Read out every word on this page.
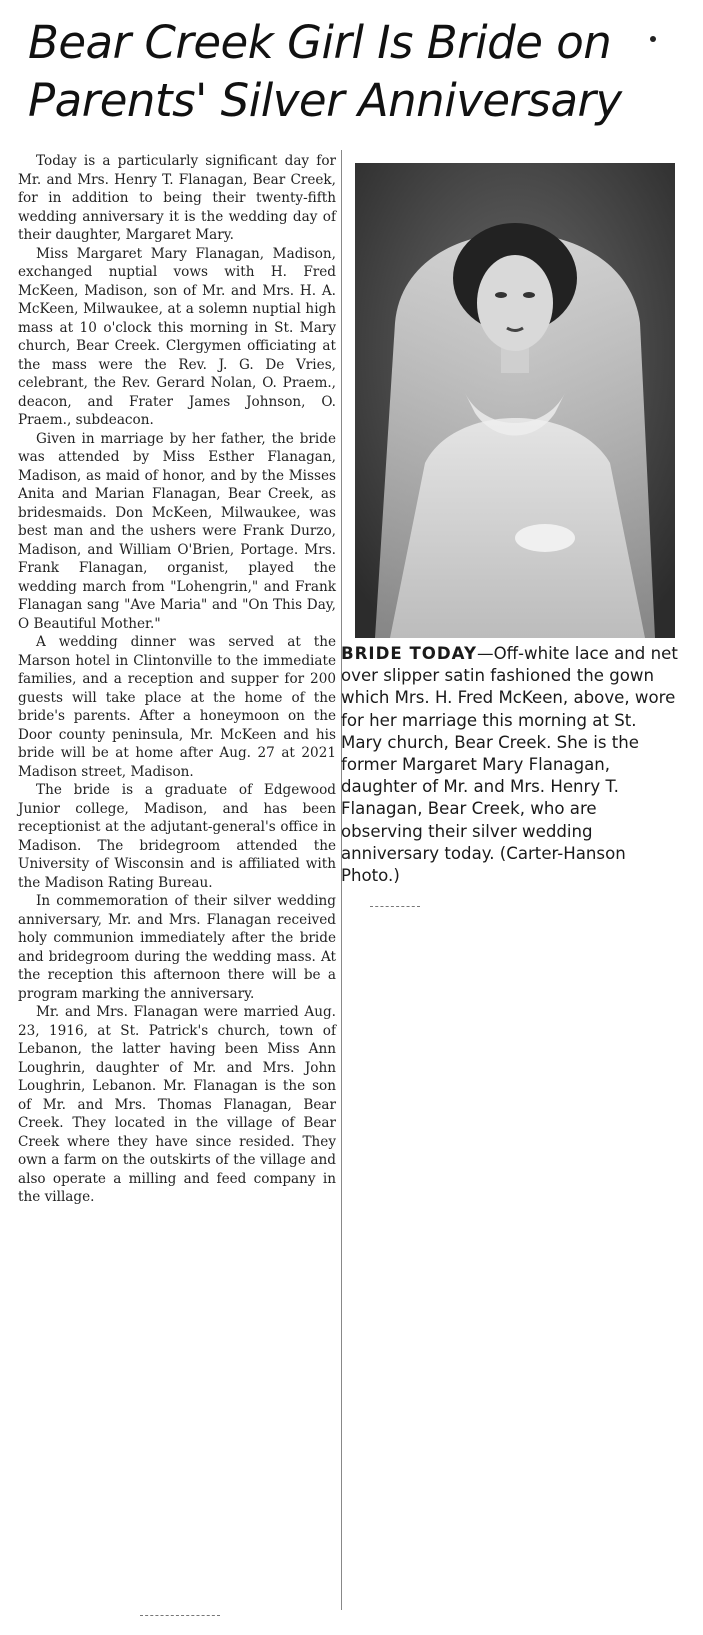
Bear Creek Girl Is Bride on
Parents' Silver Anniversary

Today is a particularly significant day for Mr. and Mrs. Henry T. Flanagan, Bear Creek, for in addition to being their twenty-fifth wedding anniversary it is the wedding day of their daughter, Margaret Mary.

Miss Margaret Mary Flanagan, Madison, exchanged nuptial vows with H. Fred McKeen, Madison, son of Mr. and Mrs. H. A. McKeen, Milwaukee, at a solemn nuptial high mass at 10 o'clock this morning in St. Mary church, Bear Creek. Clergymen officiating at the mass were the Rev. J. G. De Vries, celebrant, the Rev. Gerard Nolan, O. Praem., deacon, and Frater James Johnson, O. Praem., subdeacon.

Given in marriage by her father, the bride was attended by Miss Esther Flanagan, Madison, as maid of honor, and by the Misses Anita and Marian Flanagan, Bear Creek, as bridesmaids. Don McKeen, Milwaukee, was best man and the ushers were Frank Durzo, Madison, and William O'Brien, Portage. Mrs. Frank Flanagan, organist, played the wedding march from "Lohengrin," and Frank Flanagan sang "Ave Maria" and "On This Day, O Beautiful Mother."

A wedding dinner was served at the Marson hotel in Clintonville to the immediate families, and a reception and supper for 200 guests will take place at the home of the bride's parents. After a honeymoon on the Door county peninsula, Mr. McKeen and his bride will be at home after Aug. 27 at 2021 Madison street, Madison.

The bride is a graduate of Edgewood Junior college, Madison, and has been receptionist at the adjutant-general's office in Madison. The bridegroom attended the University of Wisconsin and is affiliated with the Madison Rating Bureau.

In commemoration of their silver wedding anniversary, Mr. and Mrs. Flanagan received holy communion immediately after the bride and bridegroom during the wedding mass. At the reception this afternoon there will be a program marking the anniversary.

Mr. and Mrs. Flanagan were married Aug. 23, 1916, at St. Patrick's church, town of Lebanon, the latter having been Miss Ann Loughrin, daughter of Mr. and Mrs. John Loughrin, Lebanon. Mr. Flanagan is the son of Mr. and Mrs. Thomas Flanagan, Bear Creek. They located in the village of Bear Creek where they have since resided. They own a farm on the outskirts of the village and also operate a milling and feed company in the village.

BRIDE TODAY—Off-white lace and net over slipper satin fashioned the gown which Mrs. H. Fred McKeen, above, wore for her marriage this morning at St. Mary church, Bear Creek. She is the former Margaret Mary Flanagan, daughter of Mr. and Mrs. Henry T. Flanagan, Bear Creek, who are observing their silver wedding anniversary today. (Carter-Hanson Photo.)
